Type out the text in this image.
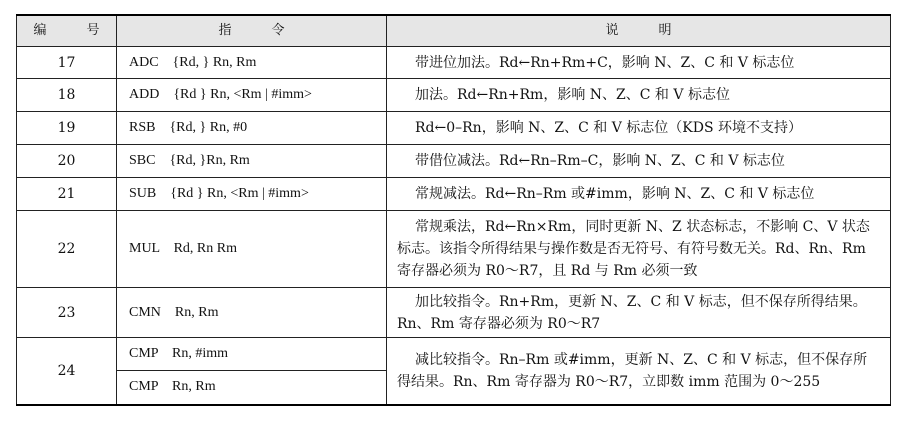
编 号	指 令	说 明
17	ADC    {Rd, } Rn, Rm	带进位加法。Rd←Rn+Rm+C，影响 N、Z、C 和 V 标志位
18	ADD    {Rd } Rn, <Rm | #imm>	加法。Rd←Rn+Rm，影响 N、Z、C 和 V 标志位
19	RSB    {Rd, } Rn, #0	Rd←0–Rn，影响 N、Z、C 和 V 标志位（KDS 环境不支持）
20	SBC    {Rd, }Rn, Rm	带借位减法。Rd←Rn–Rm–C，影响 N、Z、C 和 V 标志位
21	SUB    {Rd } Rn, <Rm | #imm>	常规减法。Rd←Rn–Rm 或#imm，影响 N、Z、C 和 V 标志位
22	MUL    Rd, Rn Rm	常规乘法，Rd←Rn×Rm，同时更新 N、Z 状态标志，不影响 C、V 状态标志。该指令所得结果与操作数是否无符号、有符号数无关。Rd、Rn、Rm 寄存器必须为 R0～R7，且 Rd 与 Rm 必须一致
23	CMN    Rn, Rm	加比较指令。Rn+Rm，更新 N、Z、C 和 V 标志，但不保存所得结果。Rn、Rm 寄存器必须为 R0～R7
24	CMP    Rn, #imm	减比较指令。Rn–Rm 或#imm，更新 N、Z、C 和 V 标志，但不保存所得结果。Rn、Rm 寄存器为 R0～R7，立即数 imm 范围为 0～255
	CMP    Rn, Rm	
